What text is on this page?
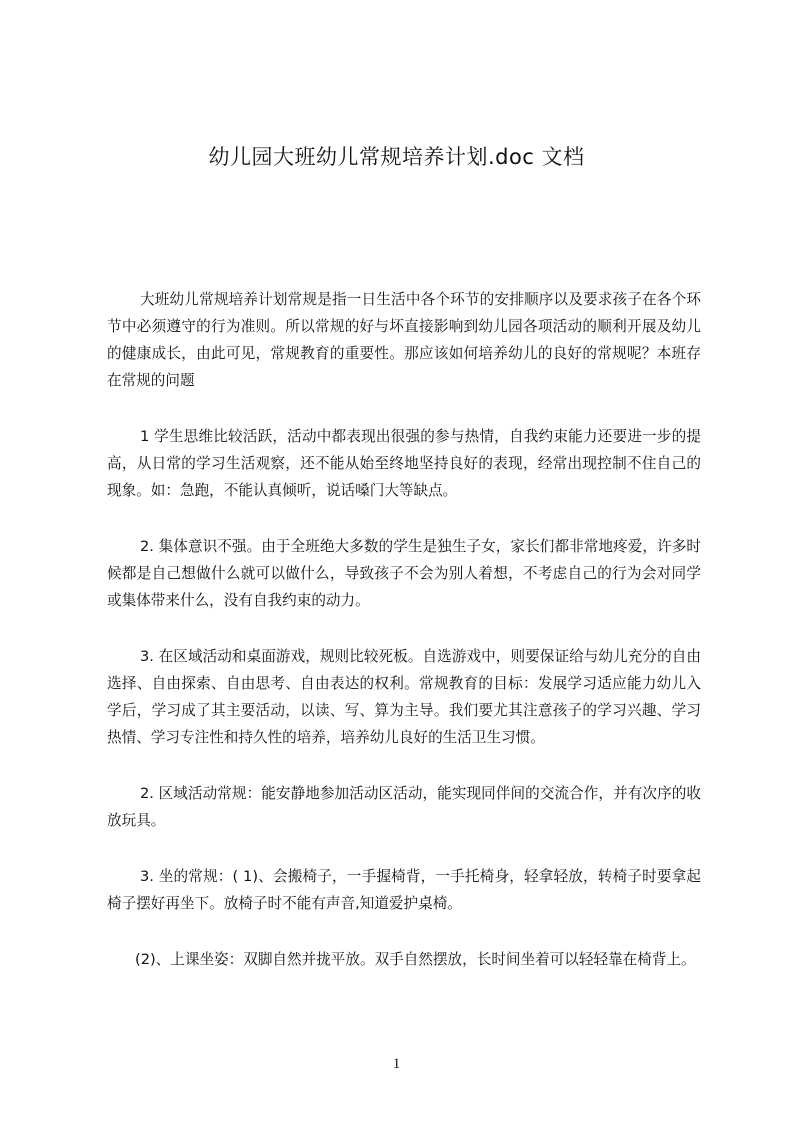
幼儿园大班幼儿常规培养计划.doc 文档

大班幼儿常规培养计划常规是指一日生活中各个环节的安排顺序以及要求孩子在各个环节中必须遵守的行为准则。所以常规的好与坏直接影响到幼儿园各项活动的顺利开展及幼儿的健康成长，由此可见，常规教育的重要性。那应该如何培养幼儿的良好的常规呢？本班存在常规的问题

1 学生思维比较活跃，活动中都表现出很强的参与热情，自我约束能力还要进一步的提高，从日常的学习生活观察，还不能从始至终地坚持良好的表现，经常出现控制不住自己的现象。如：急跑，不能认真倾听，说话嗓门大等缺点。

2. 集体意识不强。由于全班绝大多数的学生是独生子女，家长们都非常地疼爱，许多时候都是自己想做什么就可以做什么，导致孩子不会为别人着想，不考虑自己的行为会对同学或集体带来什么，没有自我约束的动力。

3. 在区域活动和桌面游戏，规则比较死板。自选游戏中，则要保证给与幼儿充分的自由选择、自由探索、自由思考、自由表达的权利。常规教育的目标：发展学习适应能力幼儿入学后，学习成了其主要活动，以读、写、算为主导。我们要尤其注意孩子的学习兴趣、学习热情、学习专注性和持久性的培养，培养幼儿良好的生活卫生习惯。

2. 区域活动常规：能安静地参加活动区活动，能实现同伴间的交流合作，并有次序的收放玩具。

3. 坐的常规：( 1)、会搬椅子，一手握椅背，一手托椅身，轻拿轻放，转椅子时要拿起椅子摆好再坐下。放椅子时不能有声音,知道爱护桌椅。

(2)、上课坐姿：双脚自然并拢平放。双手自然摆放，长时间坐着可以轻轻靠在椅背上。

1
